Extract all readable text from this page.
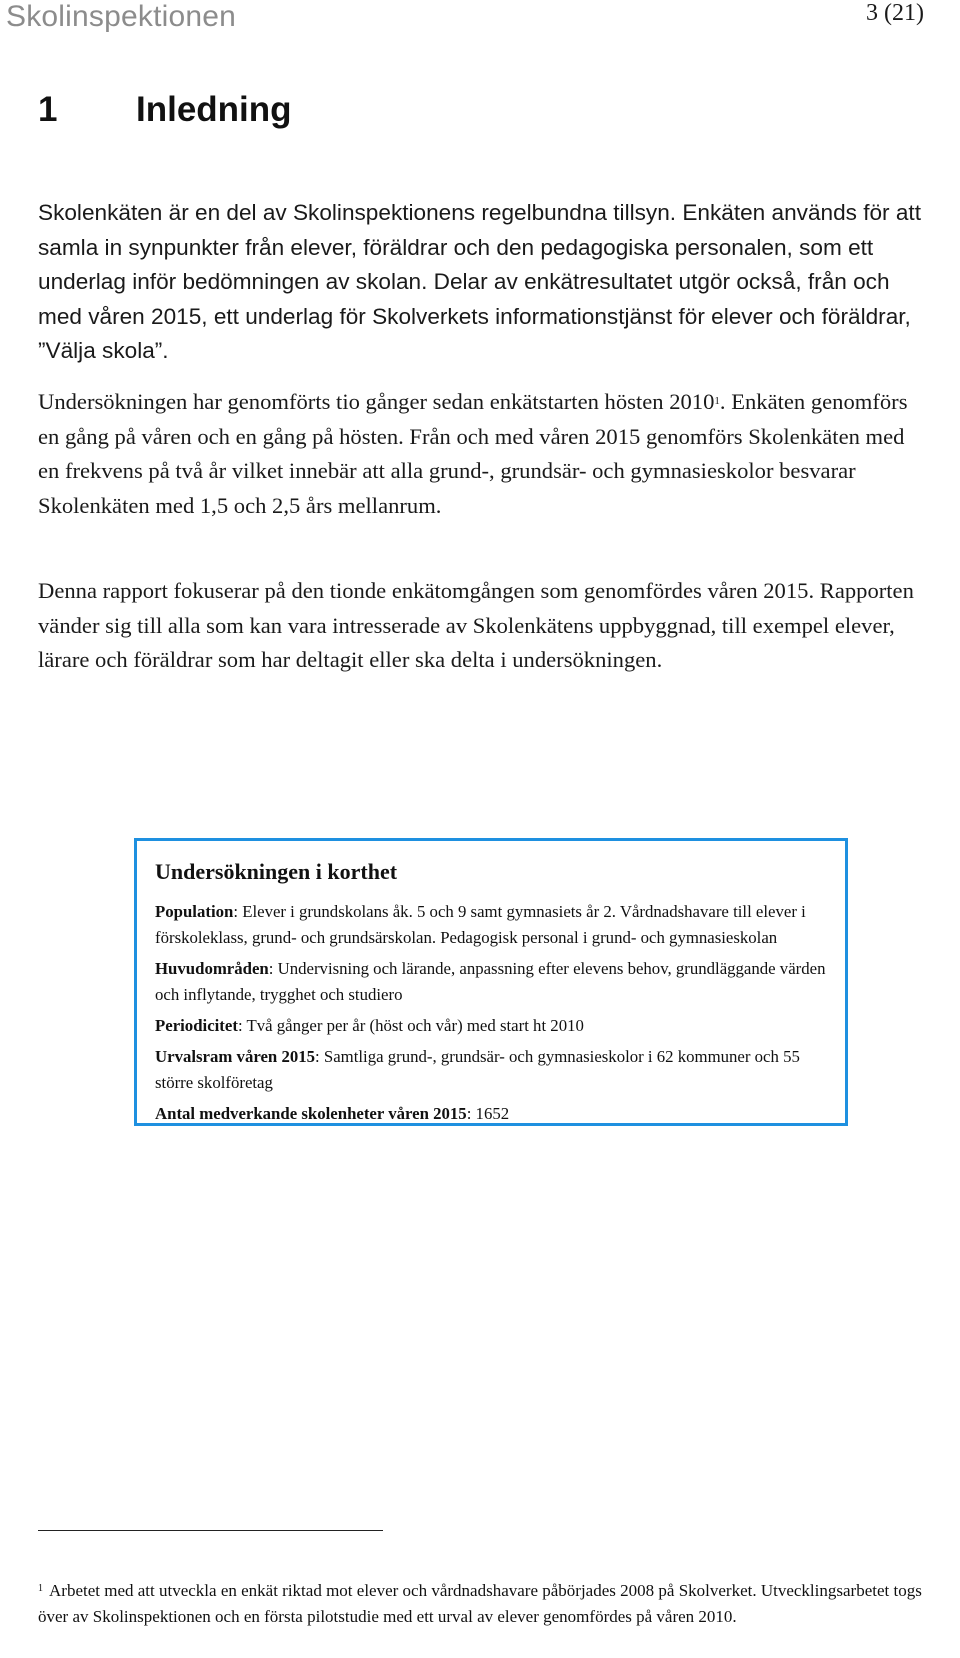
Skolinspektionen	3 (21)
1 Inledning

Skolenkäten är en del av Skolinspektionens regelbundna tillsyn. Enkäten används för att samla in synpunkter från elever, föräldrar och den pedagogiska personalen, som ett underlag inför bedömningen av skolan. Delar av enkätresultatet utgör också, från och med våren 2015, ett underlag för Skolverkets informationstjänst för elever och föräldrar, ”Välja skola”.

Undersökningen har genomförts tio gånger sedan enkätstarten hösten 2010$^1$. Enkäten genomförs en gång på våren och en gång på hösten. Från och med våren 2015 genomförs Skolenkäten med en frekvens på två år vilket innebär att alla grund-, grundsär- och gymnasieskolor besvarar Skolenkäten med 1,5 och 2,5 års mellanrum.

Denna rapport fokuserar på den tionde enkätomgången som genomfördes våren 2015. Rapporten vänder sig till alla som kan vara intresserade av Skolenkätens uppbyggnad, till exempel elever, lärare och föräldrar som har deltagit eller ska delta i undersökningen.

Undersökningen i korthet
Population: Elever i grundskolans åk. 5 och 9 samt gymnasiets år 2. Vårdnadshavare till elever i förskoleklass, grund- och grundsärskolan. Pedagogisk personal i grund- och gymnasieskolan
Huvudområden: Undervisning och lärande, anpassning efter elevens behov, grundläggande värden och inflytande, trygghet och studiero
Periodicitet: Två gånger per år (höst och vår) med start ht 2010
Urvalsram våren 2015: Samtliga grund-, grundsär- och gymnasieskolor i 62 kommuner och 55 större skolföretag
Antal medverkande skolenheter våren 2015: 1652

$^1$ Arbetet med att utveckla en enkät riktad mot elever och vårdnadshavare påbörjades 2008 på Skolverket. Utvecklingsarbetet togs över av Skolinspektionen och en första pilotstudie med ett urval av elever genomfördes på våren 2010.
